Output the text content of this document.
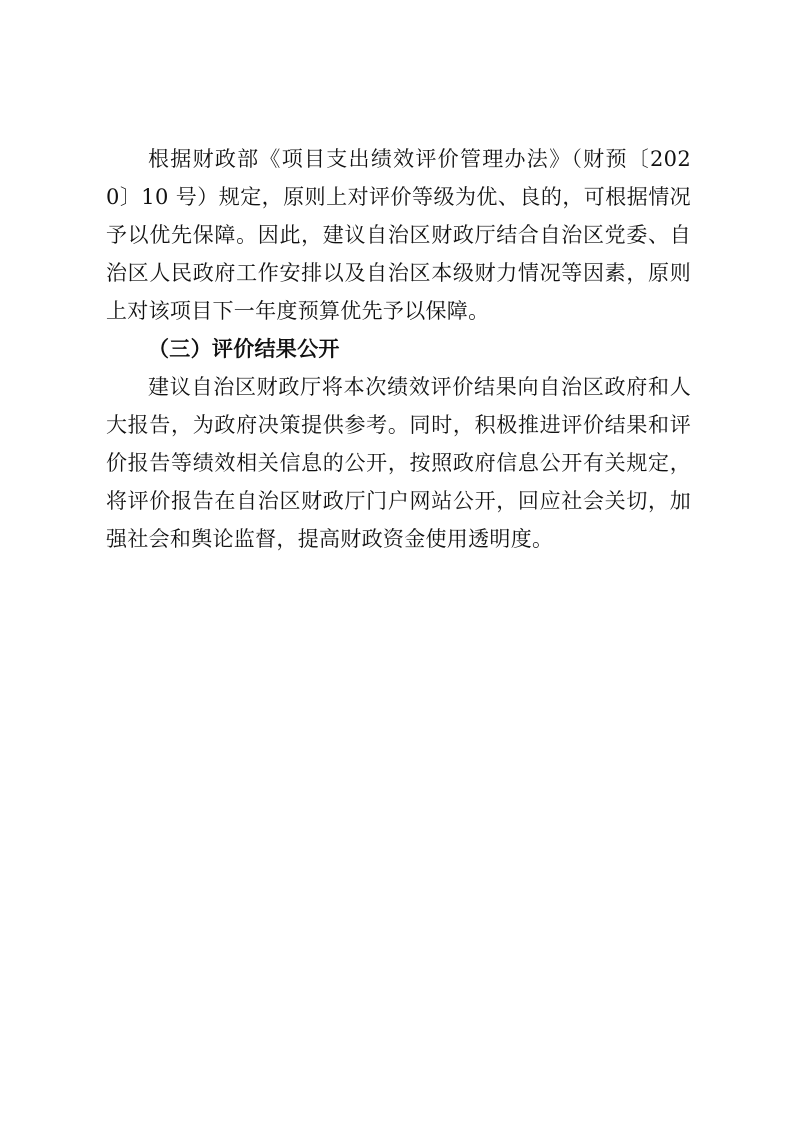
根据财政部《项目支出绩效评价管理办法》（财预〔2020〕10 号）规定，原则上对评价等级为优、良的，可根据情况予以优先保障。因此，建议自治区财政厅结合自治区党委、自治区人民政府工作安排以及自治区本级财力情况等因素，原则上对该项目下一年度预算优先予以保障。

（三）评价结果公开

建议自治区财政厅将本次绩效评价结果向自治区政府和人大报告，为政府决策提供参考。同时，积极推进评价结果和评价报告等绩效相关信息的公开，按照政府信息公开有关规定，将评价报告在自治区财政厅门户网站公开，回应社会关切，加强社会和舆论监督，提高财政资金使用透明度。
